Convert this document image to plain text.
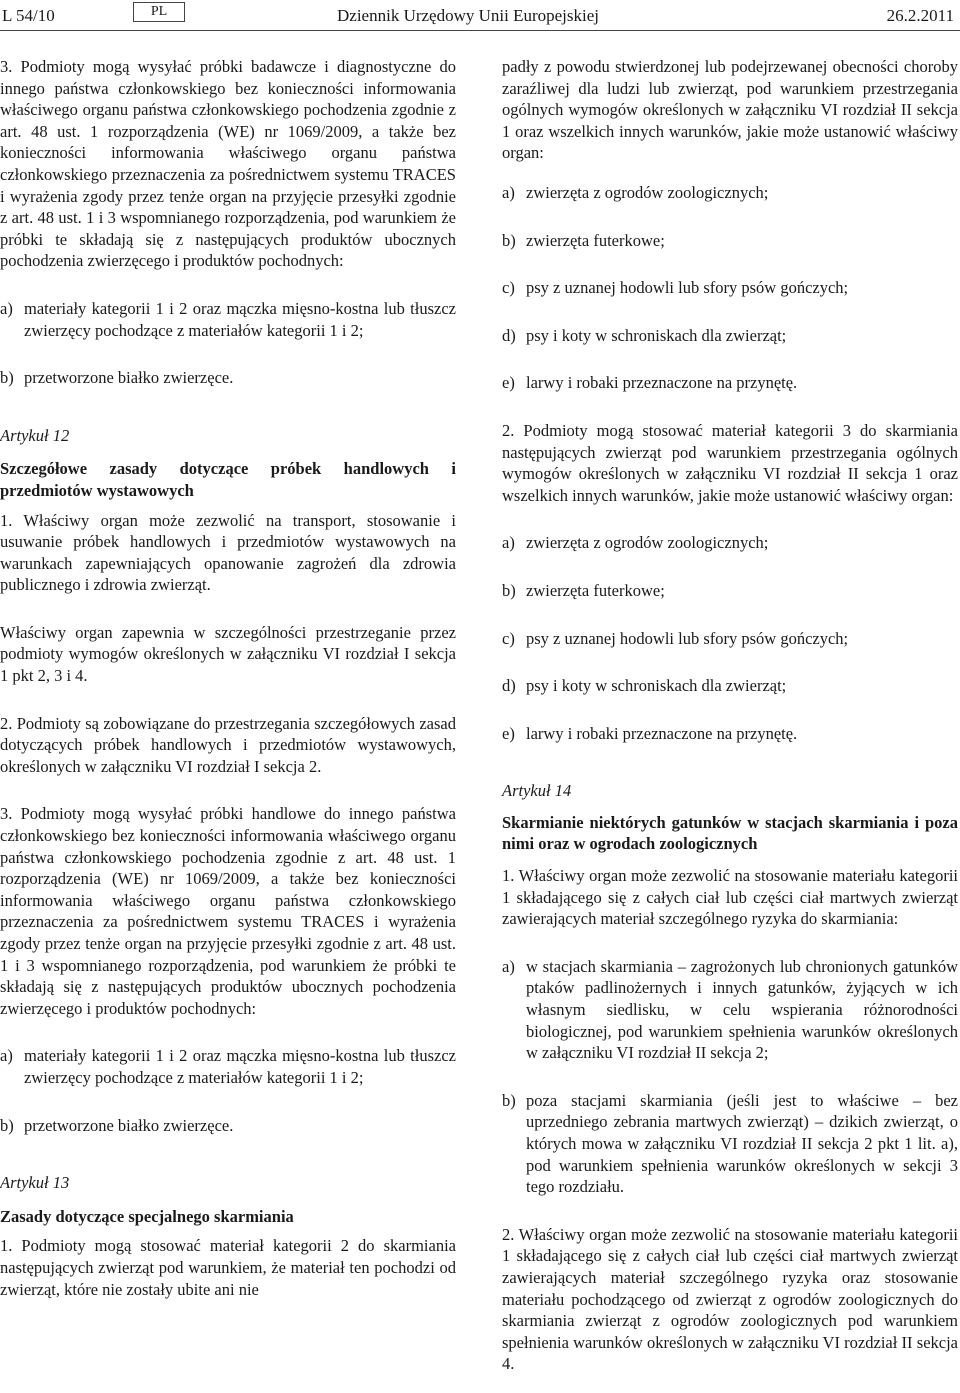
L 54/10	PL	Dziennik Urzędowy Unii Europejskiej	26.2.2011

3. Podmioty mogą wysyłać próbki badawcze i diagnostyczne do innego państwa członkowskiego bez konieczności informowania właściwego organu państwa członkowskiego pochodzenia zgodnie z art. 48 ust. 1 rozporządzenia (WE) nr 1069/2009, a także bez konieczności informowania właściwego organu państwa członkowskiego przeznaczenia za pośrednictwem systemu TRACES i wyrażenia zgody przez tenże organ na przyjęcie przesyłki zgodnie z art. 48 ust. 1 i 3 wspomnianego rozporządzenia, pod warunkiem że próbki te składają się z następujących produktów ubocznych pochodzenia zwierzęcego i produktów pochodnych:

a) materiały kategorii 1 i 2 oraz mączka mięsno-kostna lub tłuszcz zwierzęcy pochodzące z materiałów kategorii 1 i 2;
b) przetworzone białko zwierzęce.

Artykuł 12

Szczegółowe zasady dotyczące próbek handlowych i przedmiotów wystawowych

1. Właściwy organ może zezwolić na transport, stosowanie i usuwanie próbek handlowych i przedmiotów wystawowych na warunkach zapewniających opanowanie zagrożeń dla zdrowia publicznego i zdrowia zwierząt.

Właściwy organ zapewnia w szczególności przestrzeganie przez podmioty wymogów określonych w załączniku VI rozdział I sekcja 1 pkt 2, 3 i 4.

2. Podmioty są zobowiązane do przestrzegania szczegółowych zasad dotyczących próbek handlowych i przedmiotów wystawowych, określonych w załączniku VI rozdział I sekcja 2.

3. Podmioty mogą wysyłać próbki handlowe do innego państwa członkowskiego bez konieczności informowania właściwego organu państwa członkowskiego pochodzenia zgodnie z art. 48 ust. 1 rozporządzenia (WE) nr 1069/2009, a także bez konieczności informowania właściwego organu państwa członkowskiego przeznaczenia za pośrednictwem systemu TRACES i wyrażenia zgody przez tenże organ na przyjęcie przesyłki zgodnie z art. 48 ust. 1 i 3 wspomnianego rozporządzenia, pod warunkiem że próbki te składają się z następujących produktów ubocznych pochodzenia zwierzęcego i produktów pochodnych:

a) materiały kategorii 1 i 2 oraz mączka mięsno-kostna lub tłuszcz zwierzęcy pochodzące z materiałów kategorii 1 i 2;
b) przetworzone białko zwierzęce.

Artykuł 13

Zasady dotyczące specjalnego skarmiania

1. Podmioty mogą stosować materiał kategorii 2 do skarmiania następujących zwierząt pod warunkiem, że materiał ten pochodzi od zwierząt, które nie zostały ubite ani nie

padły z powodu stwierdzonej lub podejrzewanej obecności choroby zaraźliwej dla ludzi lub zwierząt, pod warunkiem przestrzegania ogólnych wymogów określonych w załączniku VI rozdział II sekcja 1 oraz wszelkich innych warunków, jakie może ustanowić właściwy organ:

a) zwierzęta z ogrodów zoologicznych;
b) zwierzęta futerkowe;
c) psy z uznanej hodowli lub sfory psów gończych;
d) psy i koty w schroniskach dla zwierząt;
e) larwy i robaki przeznaczone na przynętę.

2. Podmioty mogą stosować materiał kategorii 3 do skarmiania następujących zwierząt pod warunkiem przestrzegania ogólnych wymogów określonych w załączniku VI rozdział II sekcja 1 oraz wszelkich innych warunków, jakie może ustanowić właściwy organ:

a) zwierzęta z ogrodów zoologicznych;
b) zwierzęta futerkowe;
c) psy z uznanej hodowli lub sfory psów gończych;
d) psy i koty w schroniskach dla zwierząt;
e) larwy i robaki przeznaczone na przynętę.

Artykuł 14

Skarmianie niektórych gatunków w stacjach skarmiania i poza nimi oraz w ogrodach zoologicznych

1. Właściwy organ może zezwolić na stosowanie materiału kategorii 1 składającego się z całych ciał lub części ciał martwych zwierząt zawierających materiał szczególnego ryzyka do skarmiania:

a) w stacjach skarmiania – zagrożonych lub chronionych gatunków ptaków padlinożernych i innych gatunków, żyjących w ich własnym siedlisku, w celu wspierania różnorodności biologicznej, pod warunkiem spełnienia warunków określonych w załączniku VI rozdział II sekcja 2;
b) poza stacjami skarmiania (jeśli jest to właściwe – bez uprzedniego zebrania martwych zwierząt) – dzikich zwierząt, o których mowa w załączniku VI rozdział II sekcja 2 pkt 1 lit. a), pod warunkiem spełnienia warunków określonych w sekcji 3 tego rozdziału.

2. Właściwy organ może zezwolić na stosowanie materiału kategorii 1 składającego się z całych ciał lub części ciał martwych zwierząt zawierających materiał szczególnego ryzyka oraz stosowanie materiału pochodzącego od zwierząt z ogrodów zoologicznych do skarmiania zwierząt z ogrodów zoologicznych pod warunkiem spełnienia warunków określonych w załączniku VI rozdział II sekcja 4.
